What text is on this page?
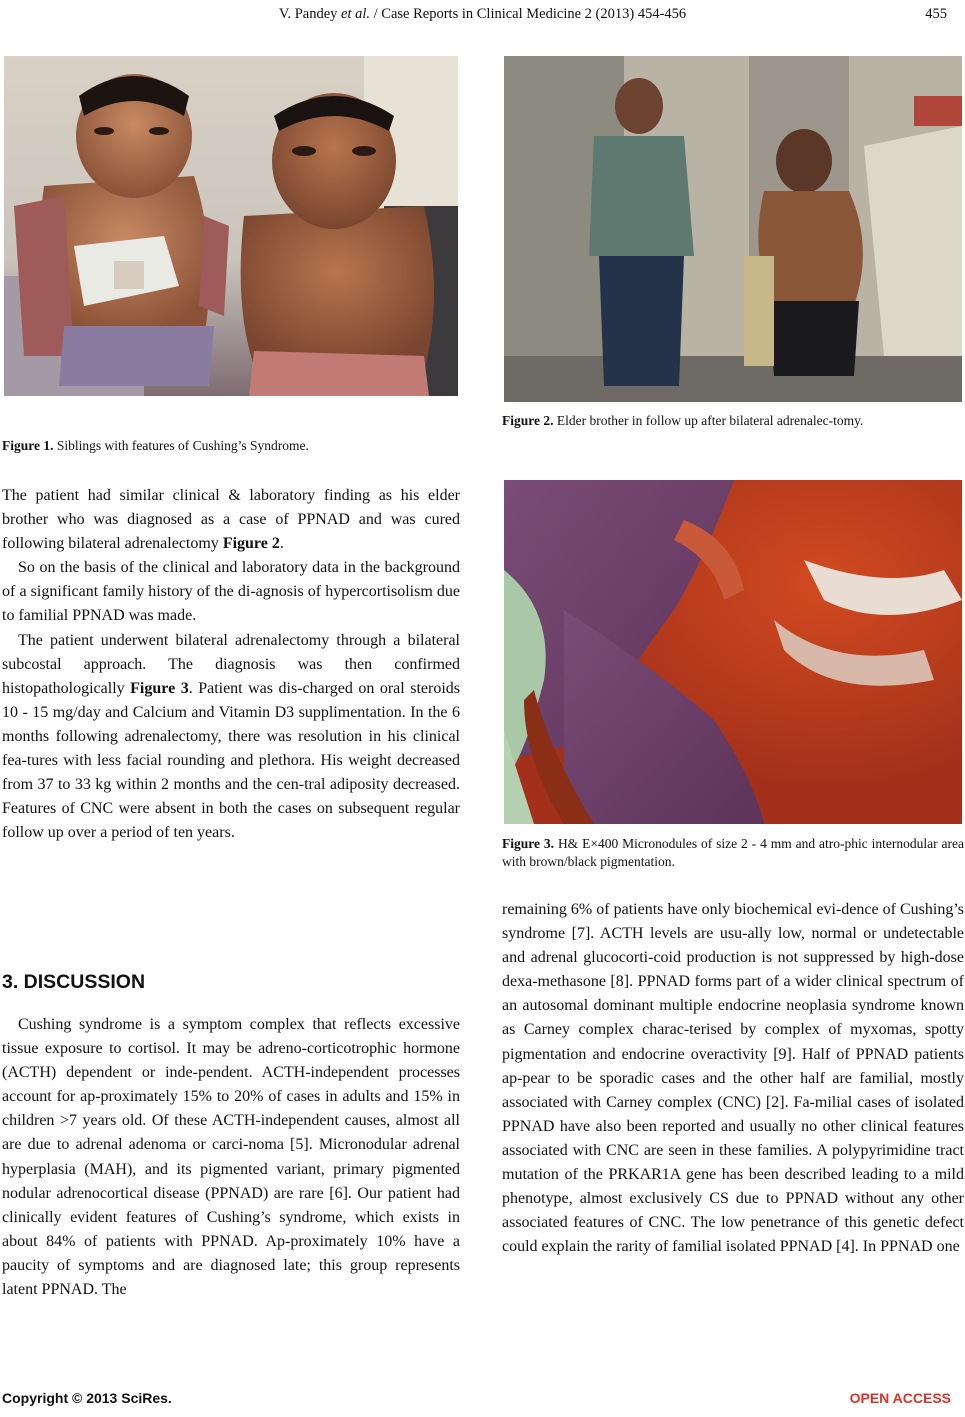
V. Pandey et al. / Case Reports in Clinical Medicine 2 (2013) 454-456	455

Figure 1. Siblings with features of Cushing’s Syndrome.

The patient had similar clinical & laboratory finding as his elder brother who was diagnosed as a case of PPNAD and was cured following bilateral adrenalectomy Figure 2.

So on the basis of the clinical and laboratory data in the background of a significant family history of the di-agnosis of hypercortisolism due to familial PPNAD was made.

The patient underwent bilateral adrenalectomy through a bilateral subcostal approach. The diagnosis was then confirmed histopathologically Figure 3. Patient was dis-charged on oral steroids 10 - 15 mg/day and Calcium and Vitamin D3 supplimentation. In the 6 months following adrenalectomy, there was resolution in his clinical fea-tures with less facial rounding and plethora. His weight decreased from 37 to 33 kg within 2 months and the cen-tral adiposity decreased. Features of CNC were absent in both the cases on subsequent regular follow up over a period of ten years.

3. DISCUSSION

Cushing syndrome is a symptom complex that reflects excessive tissue exposure to cortisol. It may be adreno-corticotrophic hormone (ACTH) dependent or inde-pendent. ACTH-independent processes account for ap-proximately 15% to 20% of cases in adults and 15% in children >7 years old. Of these ACTH-independent causes, almost all are due to adrenal adenoma or carci-noma [5]. Micronodular adrenal hyperplasia (MAH), and its pigmented variant, primary pigmented nodular adrenocortical disease (PPNAD) are rare [6]. Our patient had clinically evident features of Cushing’s syndrome, which exists in about 84% of patients with PPNAD. Ap-proximately 10% have a paucity of symptoms and are diagnosed late; this group represents latent PPNAD. The

Figure 2. Elder brother in follow up after bilateral adrenalec-tomy.

Figure 3. H& E×400 Micronodules of size 2 - 4 mm and atro-phic internodular area with brown/black pigmentation.

remaining 6% of patients have only biochemical evi-dence of Cushing’s syndrome [7]. ACTH levels are usu-ally low, normal or undetectable and adrenal glucocorti-coid production is not suppressed by high-dose dexa-methasone [8]. PPNAD forms part of a wider clinical spectrum of an autosomal dominant multiple endocrine neoplasia syndrome known as Carney complex charac-terised by complex of myxomas, spotty pigmentation and endocrine overactivity [9]. Half of PPNAD patients ap-pear to be sporadic cases and the other half are familial, mostly associated with Carney complex (CNC) [2]. Fa-milial cases of isolated PPNAD have also been reported and usually no other clinical features associated with CNC are seen in these families. A polypyrimidine tract mutation of the PRKAR1A gene has been described leading to a mild phenotype, almost exclusively CS due to PPNAD without any other associated features of CNC. The low penetrance of this genetic defect could explain the rarity of familial isolated PPNAD [4]. In PPNAD one

Copyright © 2013 SciRes.	OPEN ACCESS
